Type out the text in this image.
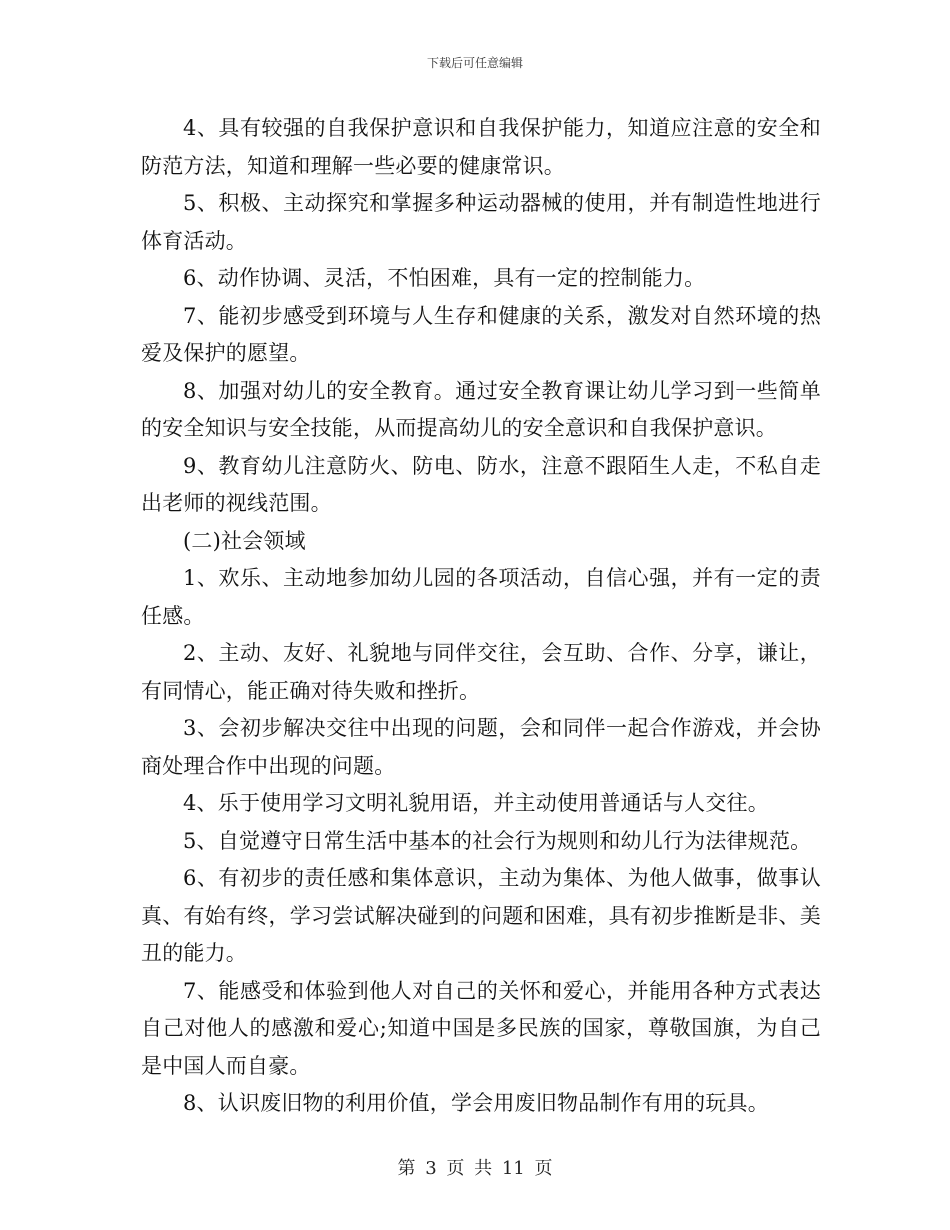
下载后可任意编辑

4、具有较强的自我保护意识和自我保护能力，知道应注意的安全和防范方法，知道和理解一些必要的健康常识。

5、积极、主动探究和掌握多种运动器械的使用，并有制造性地进行体育活动。

6、动作协调、灵活，不怕困难，具有一定的控制能力。

7、能初步感受到环境与人生存和健康的关系，激发对自然环境的热爱及保护的愿望。

8、加强对幼儿的安全教育。通过安全教育课让幼儿学习到一些简单的安全知识与安全技能，从而提高幼儿的安全意识和自我保护意识。

9、教育幼儿注意防火、防电、防水，注意不跟陌生人走，不私自走出老师的视线范围。

(二)社会领域

1、欢乐、主动地参加幼儿园的各项活动，自信心强，并有一定的责任感。

2、主动、友好、礼貌地与同伴交往，会互助、合作、分享，谦让，有同情心，能正确对待失败和挫折。

3、会初步解决交往中出现的问题，会和同伴一起合作游戏，并会协商处理合作中出现的问题。

4、乐于使用学习文明礼貌用语，并主动使用普通话与人交往。

5、自觉遵守日常生活中基本的社会行为规则和幼儿行为法律规范。

6、有初步的责任感和集体意识，主动为集体、为他人做事，做事认真、有始有终，学习尝试解决碰到的问题和困难，具有初步推断是非、美丑的能力。

7、能感受和体验到他人对自己的关怀和爱心，并能用各种方式表达自己对他人的感激和爱心;知道中国是多民族的国家，尊敬国旗，为自己是中国人而自豪。

8、认识废旧物的利用价值，学会用废旧物品制作有用的玩具。

第 3 页 共 11 页
